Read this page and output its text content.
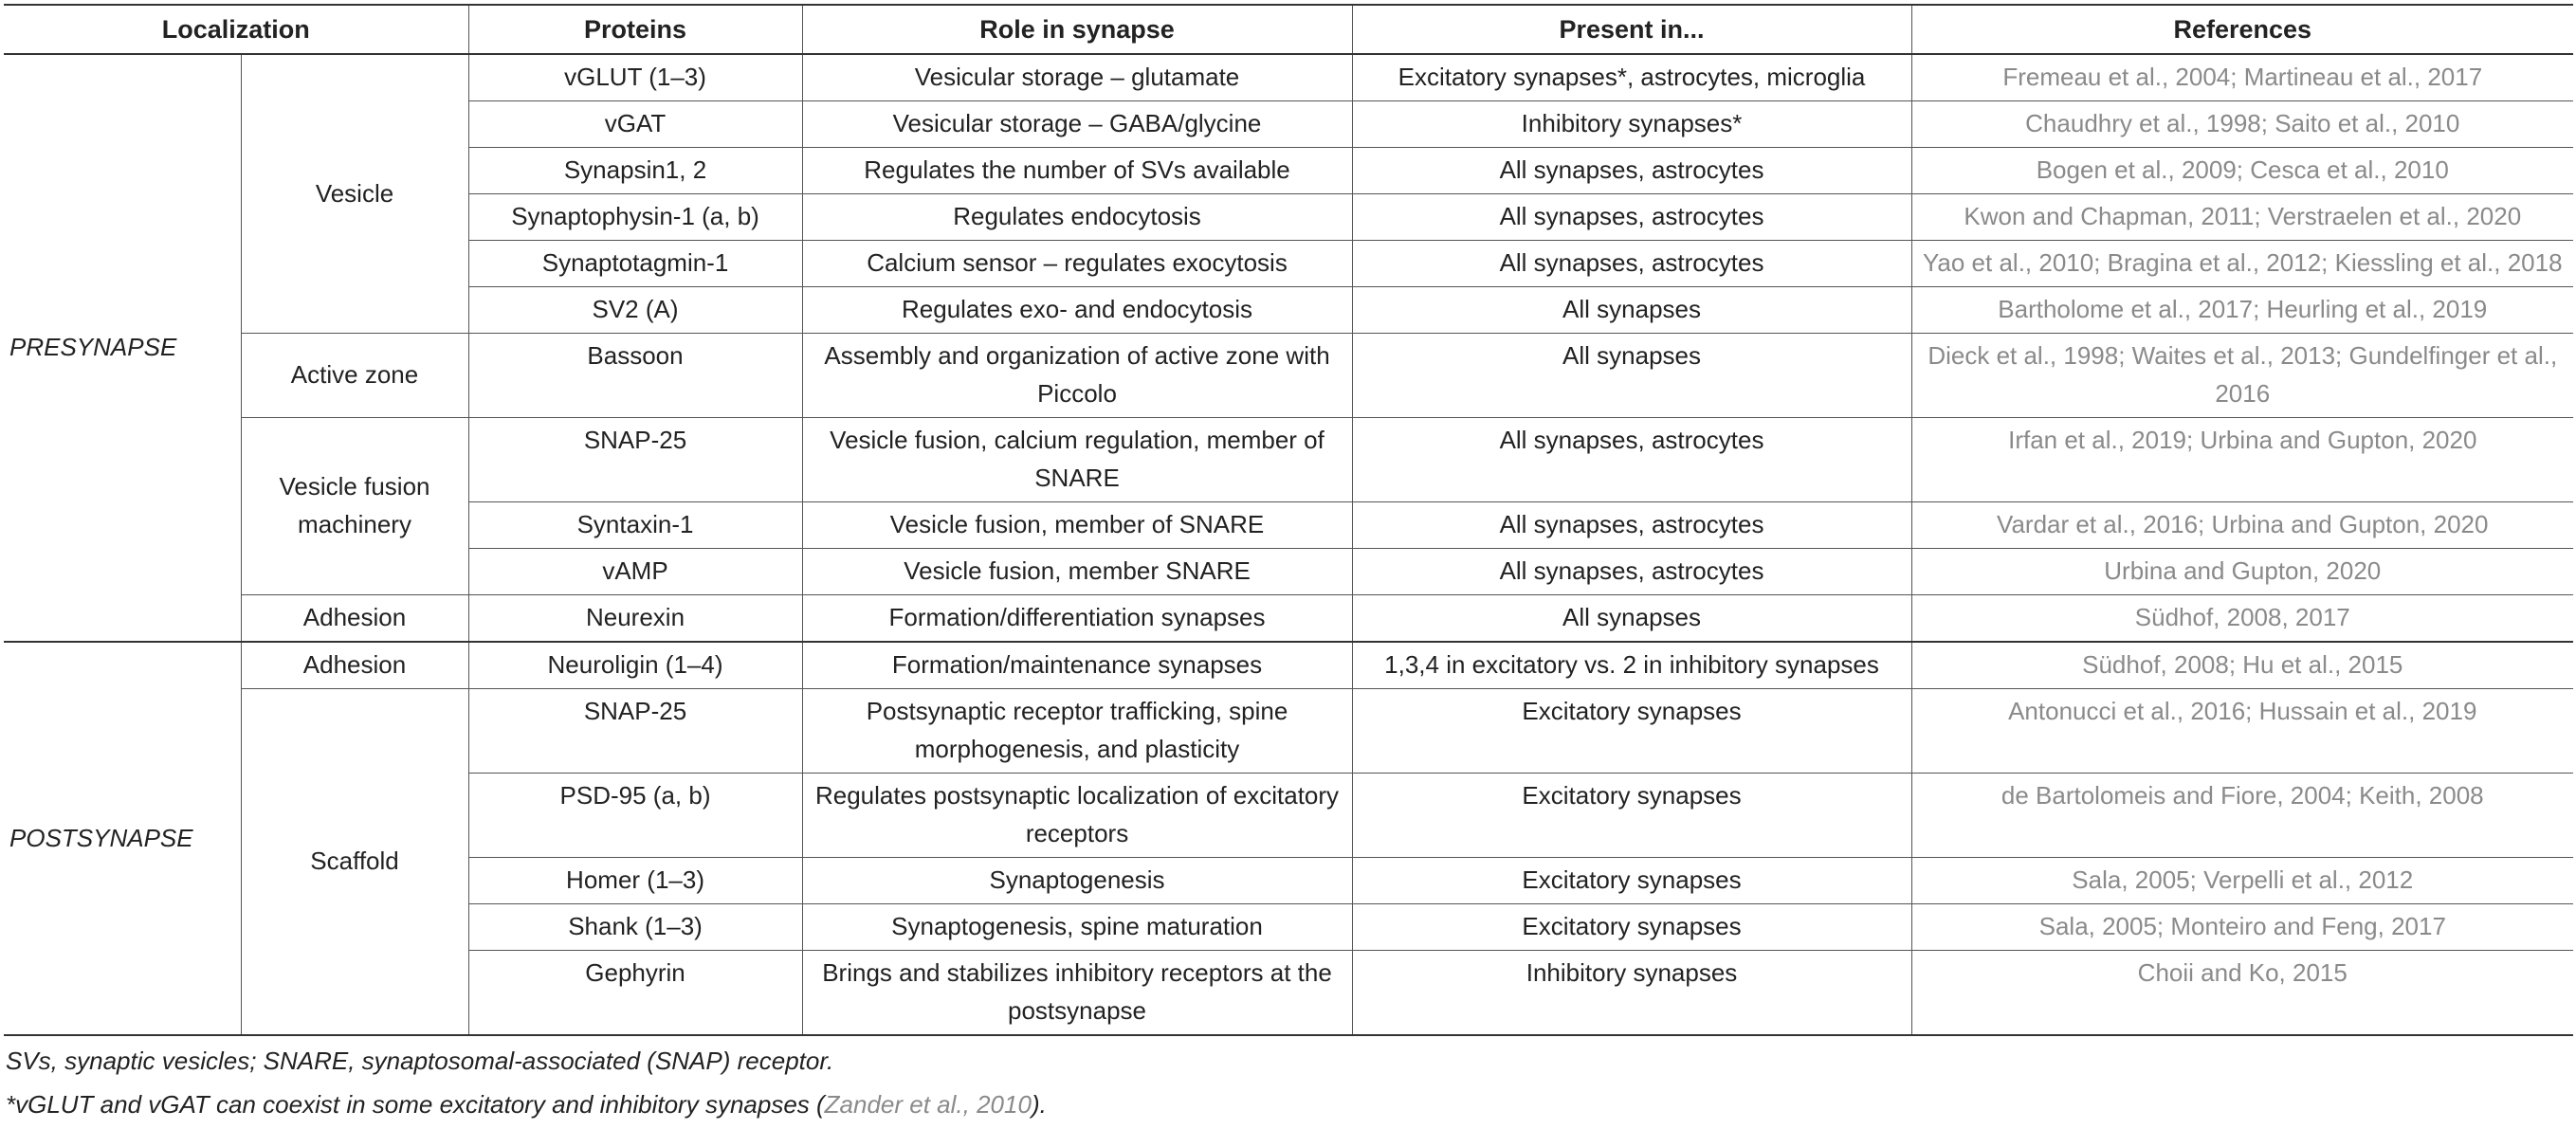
Localization		Proteins	Role in synapse	Present in...	References
PRESYNAPSE	Vesicle	vGLUT (1–3)	Vesicular storage – glutamate	Excitatory synapses*, astrocytes, microglia	Fremeau et al., 2004; Martineau et al., 2017
		vGAT	Vesicular storage – GABA/glycine	Inhibitory synapses*	Chaudhry et al., 1998; Saito et al., 2010
		Synapsin1, 2	Regulates the number of SVs available	All synapses, astrocytes	Bogen et al., 2009; Cesca et al., 2010
		Synaptophysin-1 (a, b)	Regulates endocytosis	All synapses, astrocytes	Kwon and Chapman, 2011; Verstraelen et al., 2020
		Synaptotagmin-1	Calcium sensor – regulates exocytosis	All synapses, astrocytes	Yao et al., 2010; Bragina et al., 2012; Kiessling et al., 2018
		SV2 (A)	Regulates exo- and endocytosis	All synapses	Bartholome et al., 2017; Heurling et al., 2019
	Active zone	Bassoon	Assembly and organization of active zone with Piccolo	All synapses	Dieck et al., 1998; Waites et al., 2013; Gundelfinger et al., 2016
	Vesicle fusion machinery	SNAP-25	Vesicle fusion, calcium regulation, member of SNARE	All synapses, astrocytes	Irfan et al., 2019; Urbina and Gupton, 2020
		Syntaxin-1	Vesicle fusion, member of SNARE	All synapses, astrocytes	Vardar et al., 2016; Urbina and Gupton, 2020
		vAMP	Vesicle fusion, member SNARE	All synapses, astrocytes	Urbina and Gupton, 2020
	Adhesion	Neurexin	Formation/differentiation synapses	All synapses	Südhof, 2008, 2017
POSTSYNAPSE	Adhesion	Neuroligin (1–4)	Formation/maintenance synapses	1,3,4 in excitatory vs. 2 in inhibitory synapses	Südhof, 2008; Hu et al., 2015
	Scaffold	SNAP-25	Postsynaptic receptor trafficking, spine morphogenesis, and plasticity	Excitatory synapses	Antonucci et al., 2016; Hussain et al., 2019
		PSD-95 (a, b)	Regulates postsynaptic localization of excitatory receptors	Excitatory synapses	de Bartolomeis and Fiore, 2004; Keith, 2008
		Homer (1–3)	Synaptogenesis	Excitatory synapses	Sala, 2005; Verpelli et al., 2012
		Shank (1–3)	Synaptogenesis, spine maturation	Excitatory synapses	Sala, 2005; Monteiro and Feng, 2017
		Gephyrin	Brings and stabilizes inhibitory receptors at the postsynapse	Inhibitory synapses	Choii and Ko, 2015
SVs, synaptic vesicles; SNARE, synaptosomal-associated (SNAP) receptor.
*vGLUT and vGAT can coexist in some excitatory and inhibitory synapses (Zander et al., 2010).
